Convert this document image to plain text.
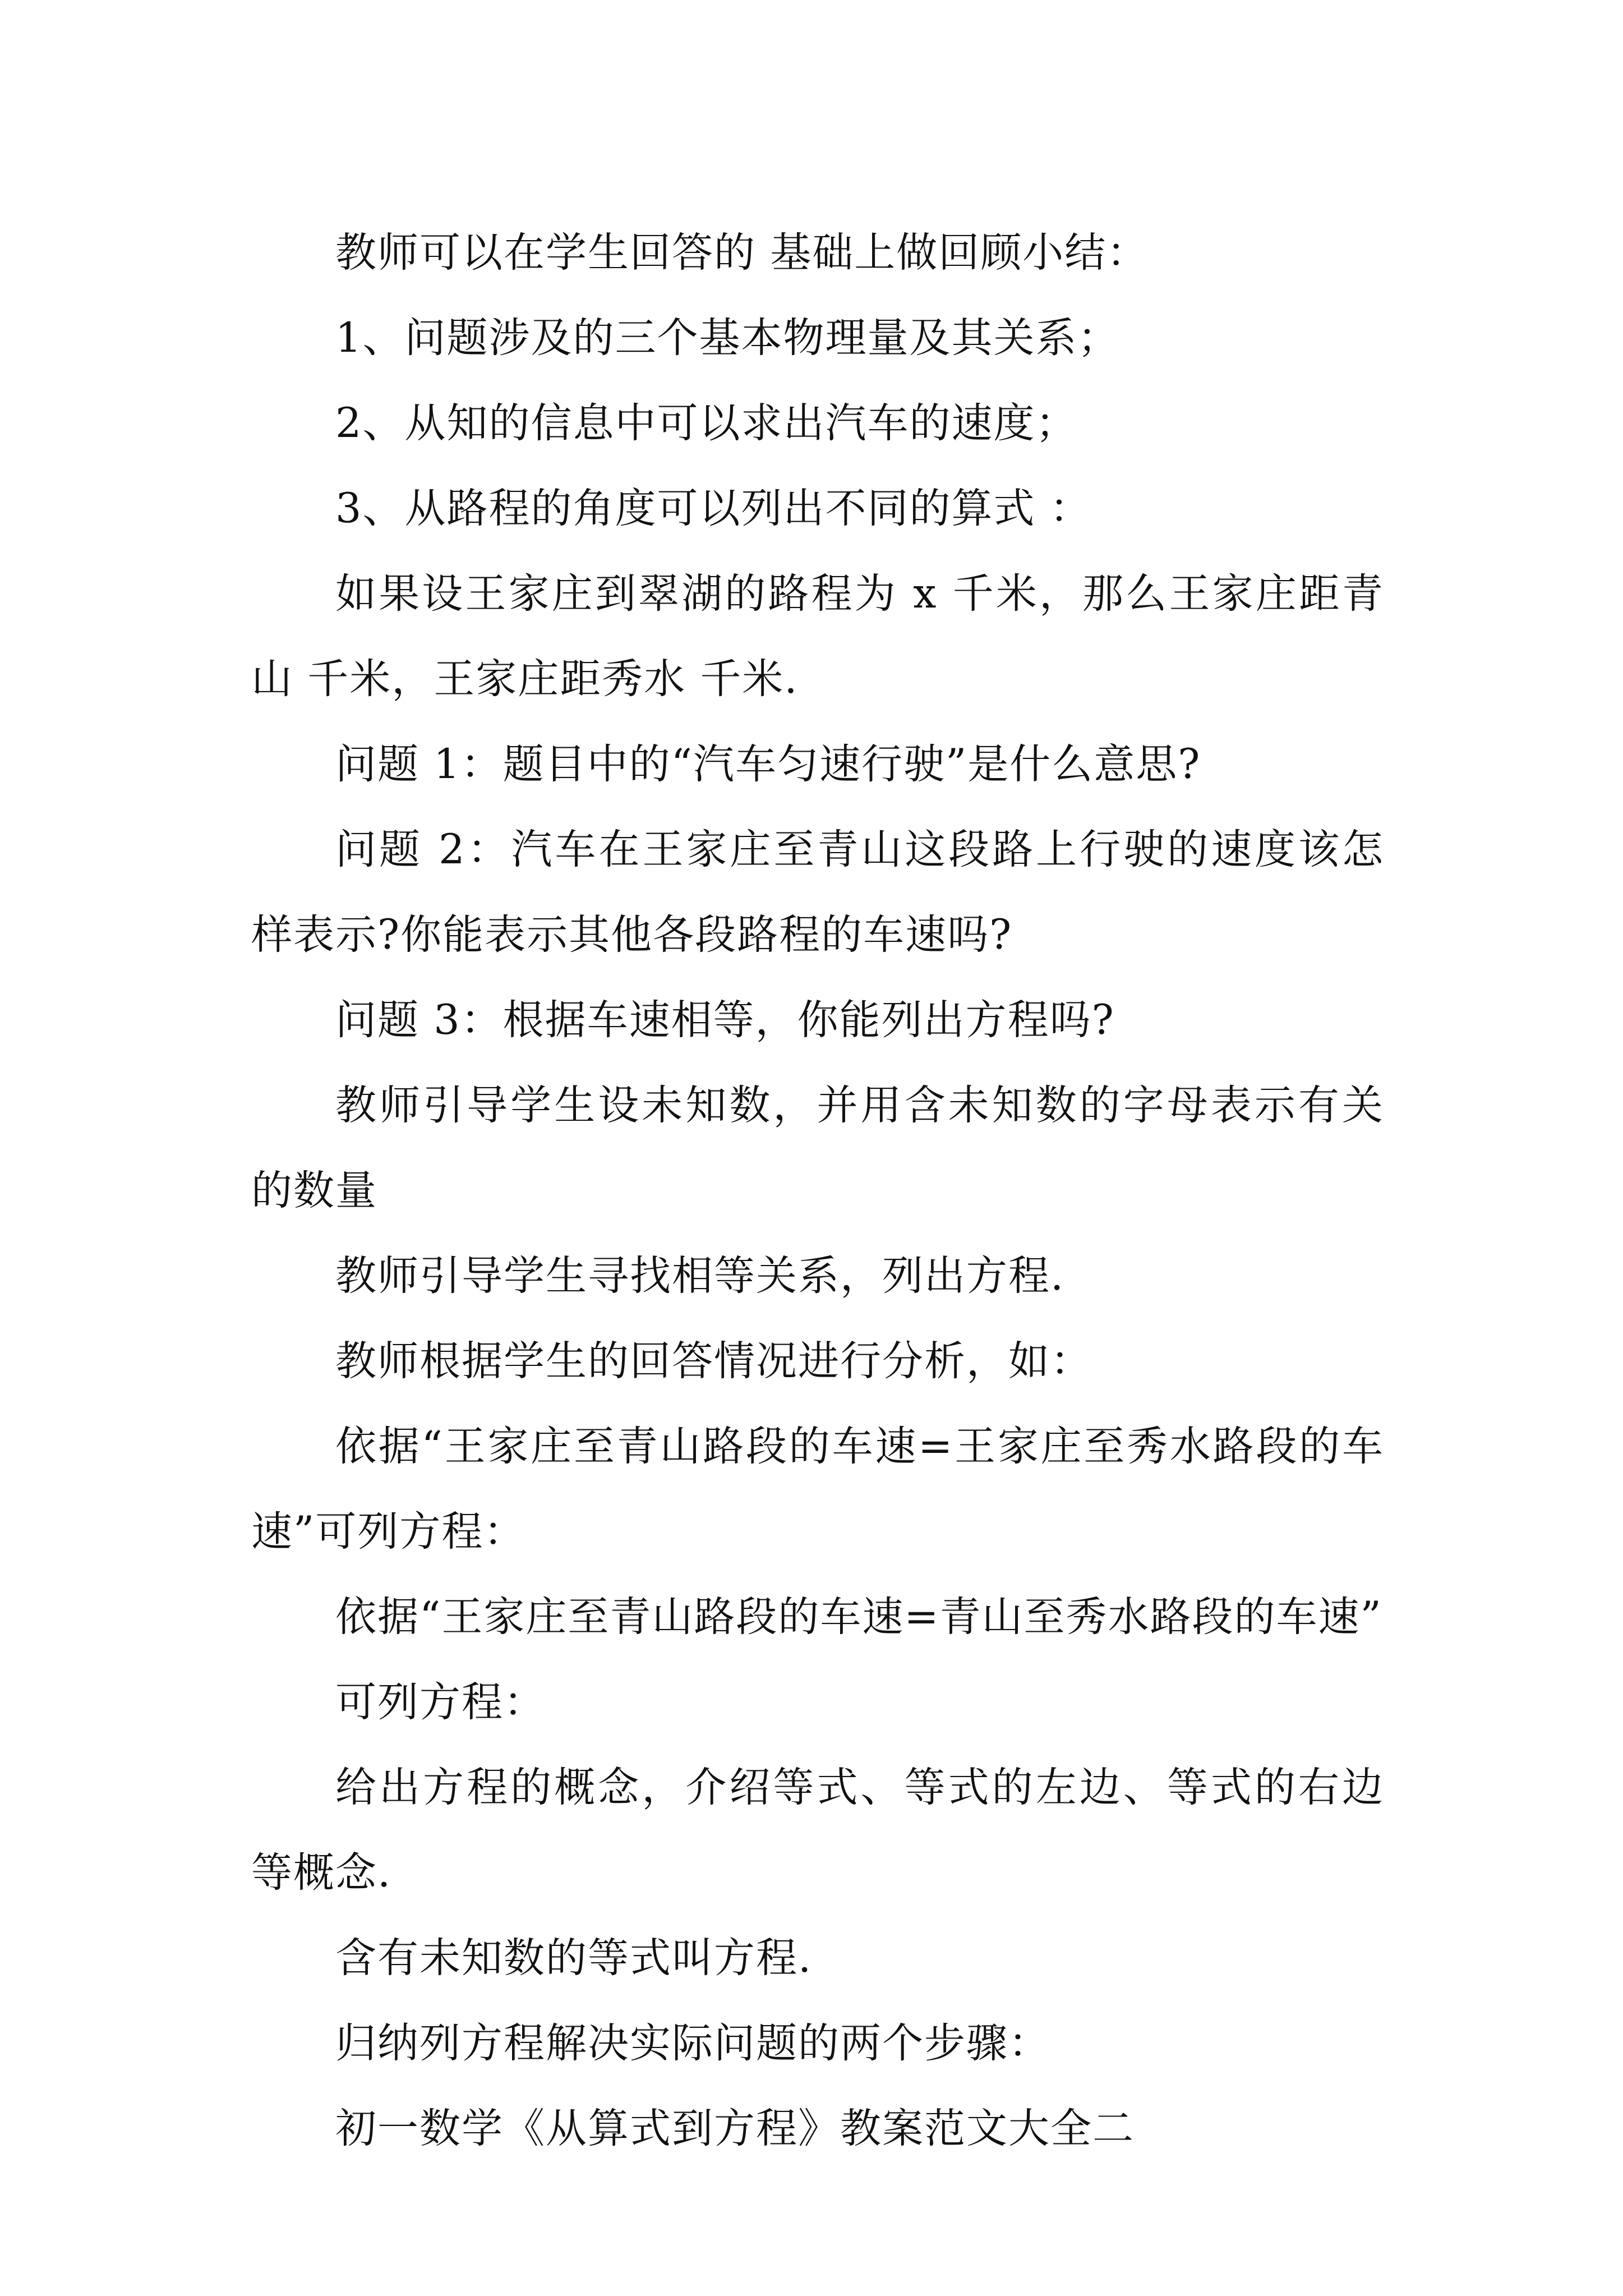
教师可以在学生回答的 基础上做回顾小结：

1、问题涉及的三个基本物理量及其关系；

2、从知的信息中可以求出汽车的速度；

3、从路程的角度可以列出不同的算式 ：

如果设王家庄到翠湖的路程为 x 千米，那么王家庄距青山 千米，王家庄距秀水 千米.

问题 1：题目中的“汽车匀速行驶”是什么意思?

问题 2：汽车在王家庄至青山这段路上行驶的速度该怎样表示?你能表示其他各段路程的车速吗?

问题 3：根据车速相等，你能列出方程吗?

教师引导学生设未知数，并用含未知数的字母表示有关的数量

教师引导学生寻找相等关系，列出方程.

教师根据学生的回答情况进行分析，如：

依据“王家庄至青山路段的车速=王家庄至秀水路段的车速”可列方程：

依据“王家庄至青山路段的车速=青山至秀水路段的车速”

可列方程：

给出方程的概念，介绍等式、等式的左边、等式的右边等概念.

含有未知数的等式叫方程.

归纳列方程解决实际问题的两个步骤：

初一数学《从算式到方程》教案范文大全二
